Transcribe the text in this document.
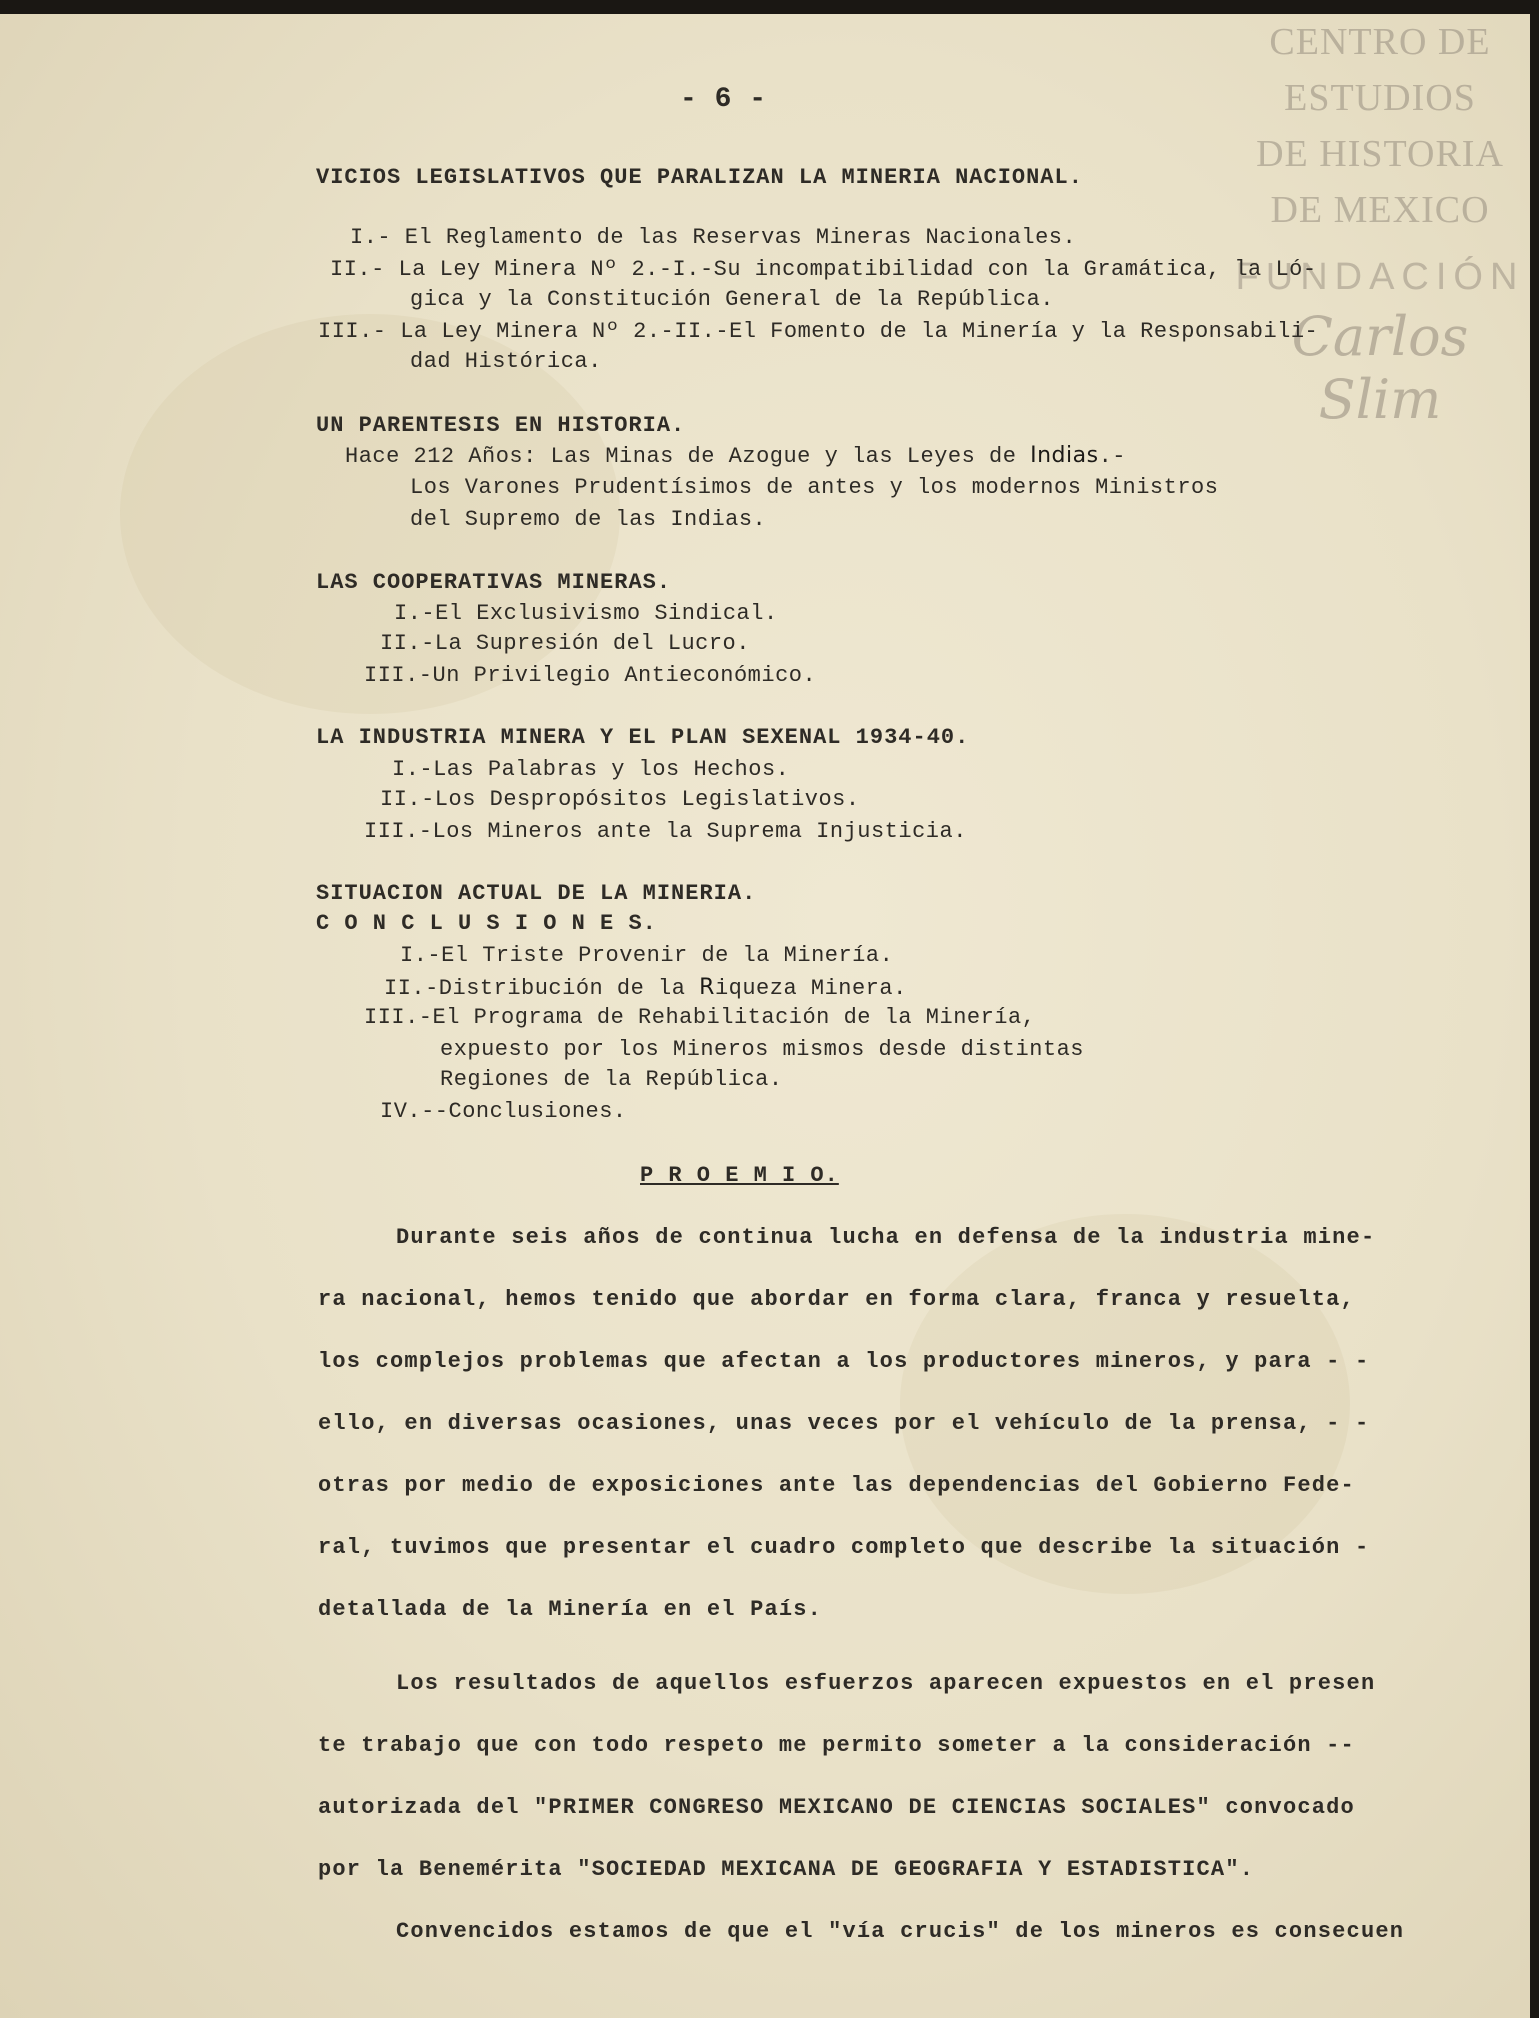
CENTRO DE
ESTUDIOS
DE HISTORIA
DE MEXICO
FUNDACIÓN
Carlos Slim
- 6 -
VICIOS LEGISLATIVOS QUE PARALIZAN LA MINERIA NACIONAL.
I.- El Reglamento de las Reservas Mineras Nacionales.
II.- La Ley Minera Nº 2.-I.-Su incompatibilidad con la Gramática, la Ló-
gica y la Constitución General de la República.
III.- La Ley Minera Nº 2.-II.-El Fomento de la Minería y la Responsabili-
dad Histórica.
UN PARENTESIS EN HISTORIA.
Hace 212 Años: Las Minas de Azogue y las Leyes de Indias.-
Los Varones Prudentísimos de antes y los modernos Ministros
del Supremo de las Indias.
LAS COOPERATIVAS MINERAS.
I.-El Exclusivismo Sindical.
II.-La Supresión del Lucro.
III.-Un Privilegio Antieconómico.
LA INDUSTRIA MINERA Y EL PLAN SEXENAL 1934-40.
I.-Las Palabras y los Hechos.
II.-Los Despropósitos Legislativos.
III.-Los Mineros ante la Suprema Injusticia.
SITUACION ACTUAL DE LA MINERIA.
C O N C L U S I O N E S.
I.-El Triste Provenir de la Minería.
II.-Distribución de la Riqueza Minera.
III.-El Programa de Rehabilitación de la Minería,
expuesto por los Mineros mismos desde distintas
Regiones de la República.
IV.--Conclusiones.
P R O E M I O.
Durante seis años de continua lucha en defensa de la industria mine-
ra nacional, hemos tenido que abordar en forma clara, franca y resuelta,
los complejos problemas que afectan a los productores mineros, y para - -
ello, en diversas ocasiones, unas veces por el vehículo de la prensa, - -
otras por medio de exposiciones ante las dependencias del Gobierno Fede-
ral, tuvimos que presentar el cuadro completo que describe la situación -
detallada de la Minería en el País.
Los resultados de aquellos esfuerzos aparecen expuestos en el presen
te trabajo que con todo respeto me permito someter a la consideración --
autorizada del "PRIMER CONGRESO MEXICANO DE CIENCIAS SOCIALES" convocado
por la Benemérita "SOCIEDAD MEXICANA DE GEOGRAFIA Y ESTADISTICA".
Convencidos estamos de que el "vía crucis" de los mineros es consecuen
